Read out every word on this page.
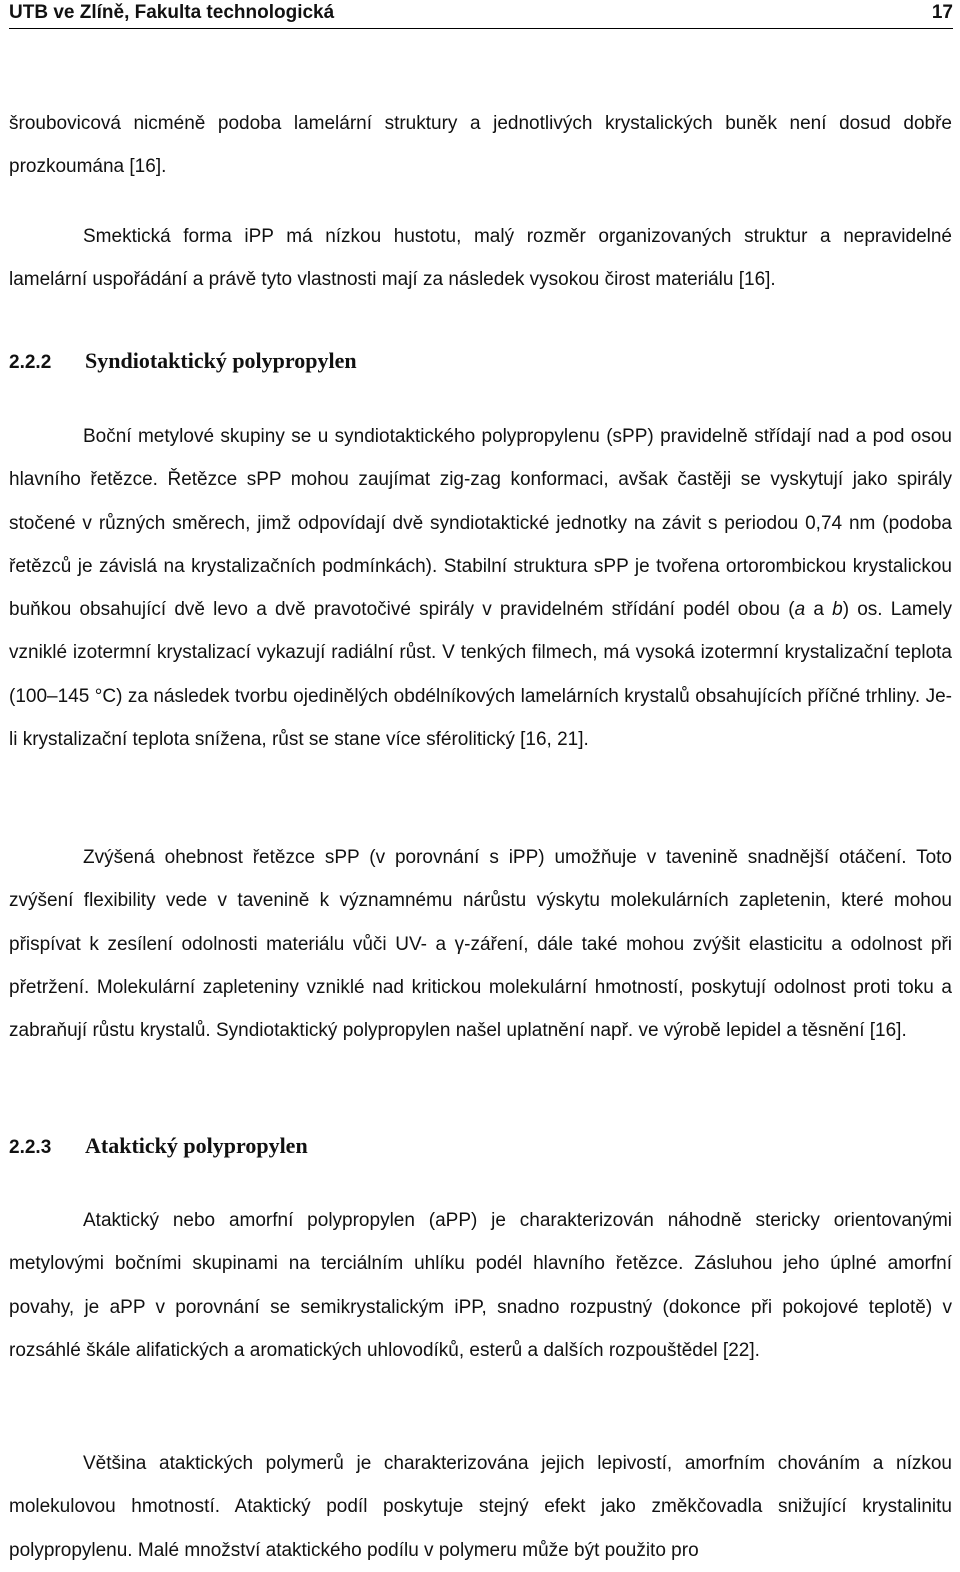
UTB ve Zlíně, Fakulta technologická	17
šroubovicová nicméně podoba lamelární struktury a jednotlivých krystalických buněk není dosud dobře prozkoumána [16].
Smektická forma iPP má nízkou hustotu, malý rozměr organizovaných struktur a nepravidelné lamelární uspořádání a právě tyto vlastnosti mají za následek vysokou čirost materiálu [16].
2.2.2 Syndiotaktický polypropylen
Boční metylové skupiny se u syndiotaktického polypropylenu (sPP) pravidelně střídají nad a pod osou hlavního řetězce. Řetězce sPP mohou zaujímat zig-zag konformaci, avšak častěji se vyskytují jako spirály stočené v různých směrech, jimž odpovídají dvě syndiotaktické jednotky na závit s periodou 0,74 nm (podoba řetězců je závislá na krystalizačních podmínkách). Stabilní struktura sPP je tvořena ortorombickou krystalickou buňkou obsahující dvě levo a dvě pravotočivé spirály v pravidelném střídání podél obou (a a b) os. Lamely vzniklé izotermní krystalizací vykazují radiální růst. V tenkých filmech, má vysoká izotermní krystalizační teplota (100–145 °C) za následek tvorbu ojedinělých obdélníkových lamelárních krystalů obsahujících příčné trhliny. Je-li krystalizační teplota snížena, růst se stane více sférolitický [16, 21].
Zvýšená ohebnost řetězce sPP (v porovnání s iPP) umožňuje v tavenině snadnější otáčení. Toto zvýšení flexibility vede v tavenině k významnému nárůstu výskytu molekulárních zapletenin, které mohou přispívat k zesílení odolnosti materiálu vůči UV- a γ-záření, dále také mohou zvýšit elasticitu a odolnost při přetržení. Molekulární zapleteniny vzniklé nad kritickou molekulární hmotností, poskytují odolnost proti toku a zabraňují růstu krystalů. Syndiotaktický polypropylen našel uplatnění např. ve výrobě lepidel a těsnění [16].
2.2.3 Ataktický polypropylen
Ataktický nebo amorfní polypropylen (aPP) je charakterizován náhodně stericky orientovanými metylovými bočními skupinami na terciálním uhlíku podél hlavního řetězce. Zásluhou jeho úplné amorfní povahy, je aPP v porovnání se semikrystalickým iPP, snadno rozpustný (dokonce při pokojové teplotě) v rozsáhlé škále alifatických a aromatických uhlovodíků, esterů a dalších rozpouštědel [22].
Většina ataktických polymerů je charakterizována jejich lepivostí, amorfním chováním a nízkou molekulovou hmotností. Ataktický podíl poskytuje stejný efekt jako změkčovadla snižující krystalinitu polypropylenu. Malé množství ataktického podílu v polymeru může být použito pro
